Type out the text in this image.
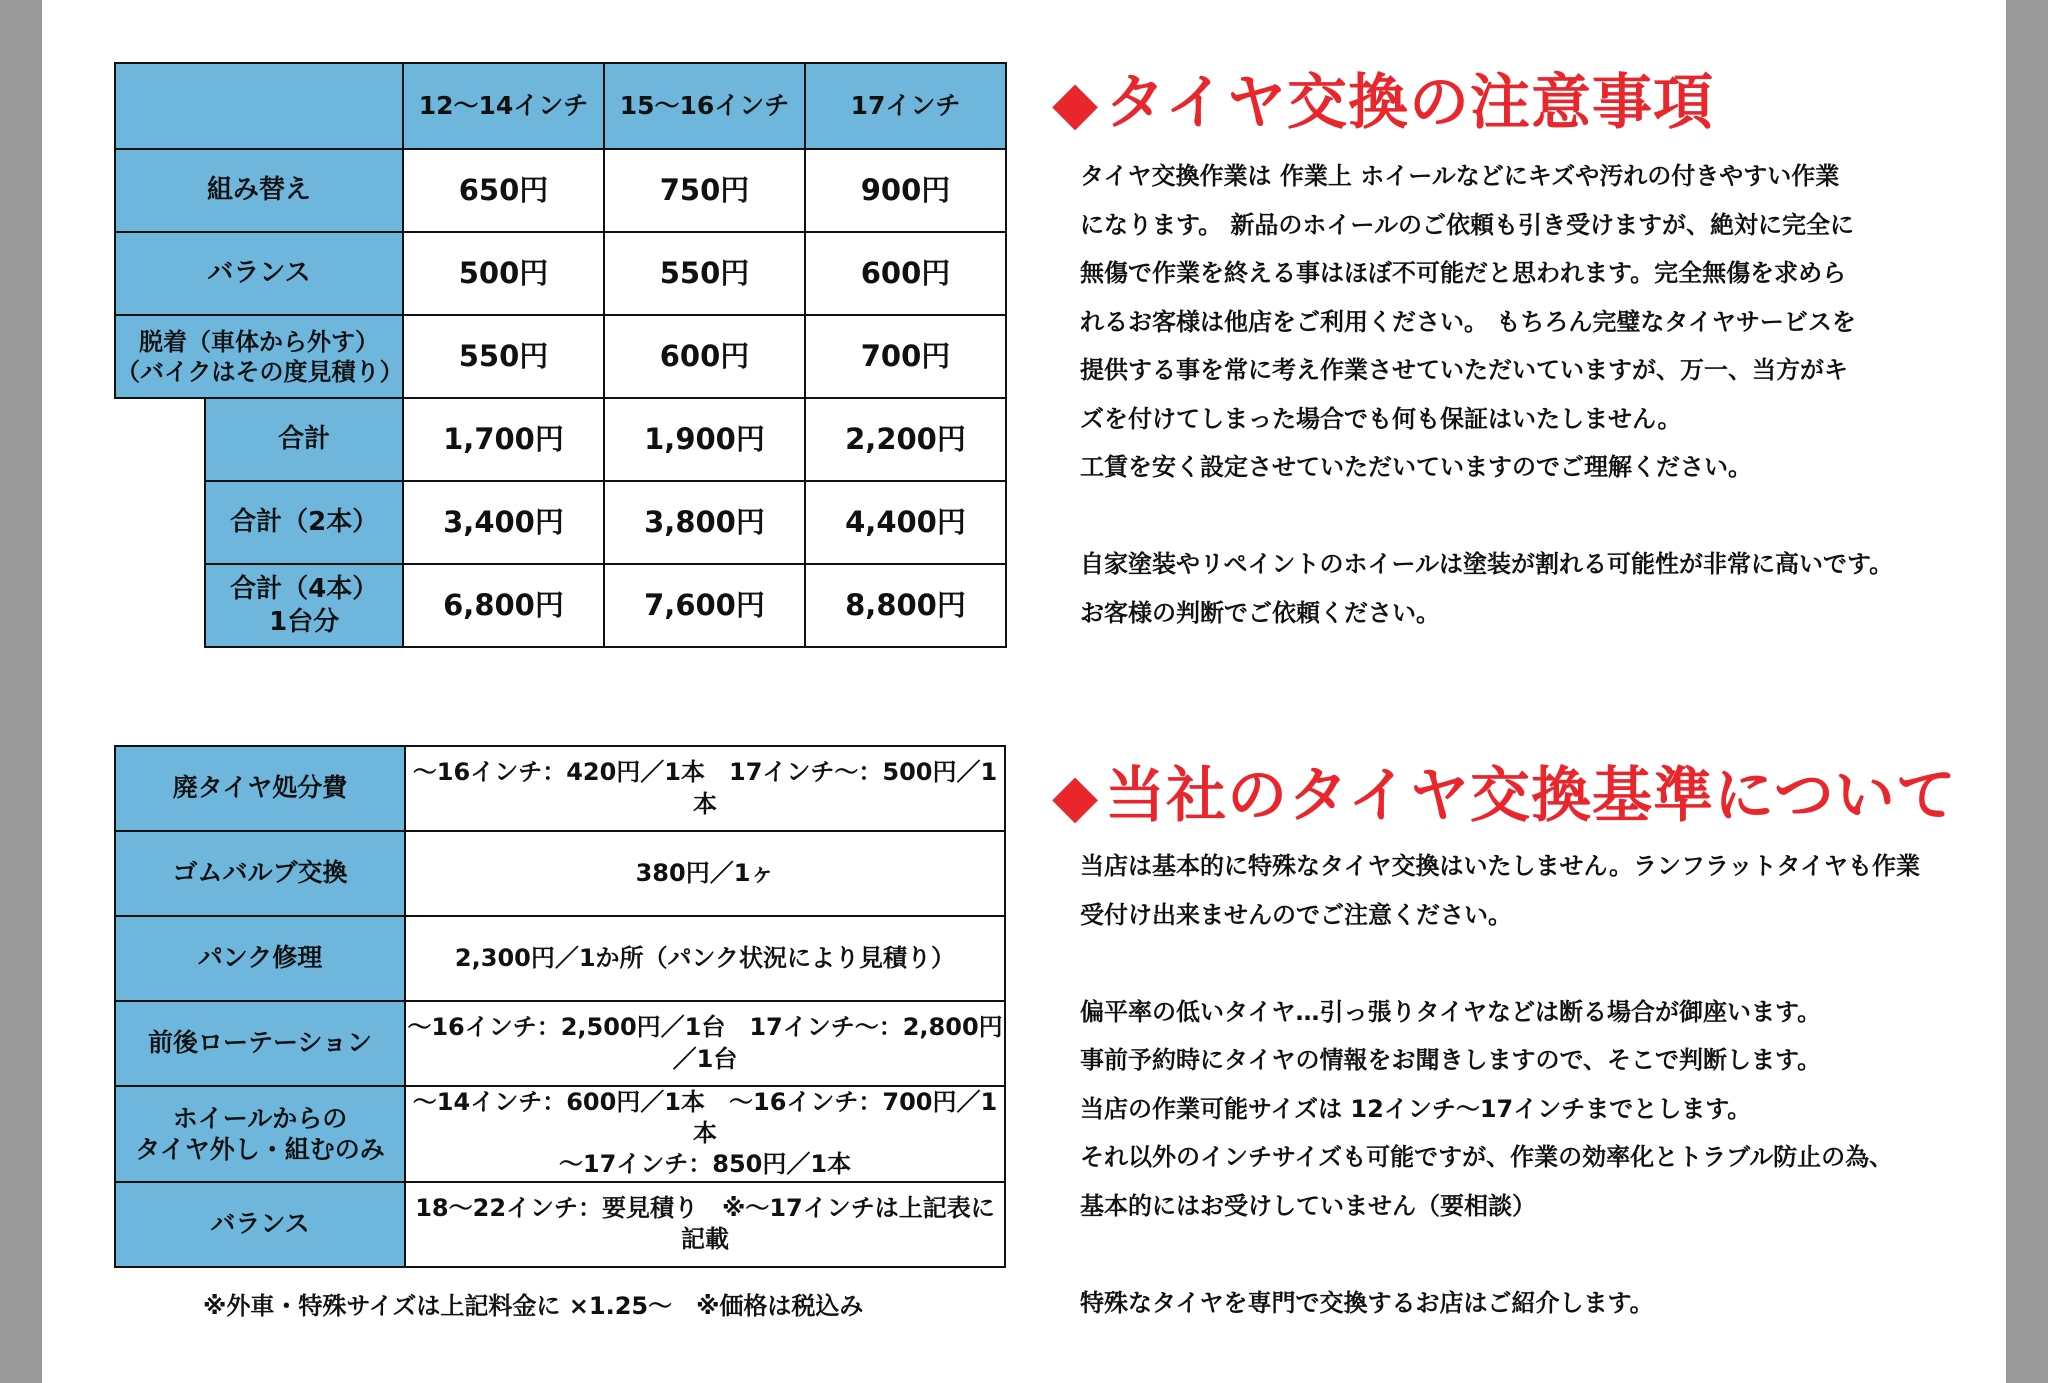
		12～14インチ	15～16インチ	17インチ
組み替え		650円	750円	900円
バランス		500円	550円	600円
脱着（車体から外す）
（バイクはその度見積り）		550円	600円	700円
	合計	1,700円	1,900円	2,200円
	合計（2本）	3,400円	3,800円	4,400円
	合計（4本）
1台分	6,800円	7,600円	8,800円
廃タイヤ処分費	～16インチ：420円／1本　17インチ～：500円／1本
ゴムバルブ交換	380円／1ヶ
パンク修理	2,300円／1か所（パンク状況により見積り）
前後ローテーション	～16インチ：2,500円／1台　17インチ～：2,800円／1台
ホイールからの
タイヤ外し・組むのみ	～14インチ：600円／1本　～16インチ：700円／1本
～17インチ：850円／1本
バランス	18～22インチ：要見積り　※～17インチは上記表に記載
※外車・特殊サイズは上記料金に ×1.25～　※価格は税込み
◆ タイヤ交換の注意事項
タイヤ交換作業は 作業上 ホイールなどにキズや汚れの付きやすい作業
になります。 新品のホイールのご依頼も引き受けますが、絶対に完全に
無傷で作業を終える事はほぼ不可能だと思われます。完全無傷を求めら
れるお客様は他店をご利用ください。 もちろん完璧なタイヤサービスを
提供する事を常に考え作業させていただいていますが、万一、当方がキ
ズを付けてしまった場合でも何も保証はいたしません。
工賃を安く設定させていただいていますのでご理解ください。

自家塗装やリペイントのホイールは塗装が割れる可能性が非常に高いです。
お客様の判断でご依頼ください。
◆ 当社のタイヤ交換基準について
当店は基本的に特殊なタイヤ交換はいたしません。ランフラットタイヤも作業
受付け出来ませんのでご注意ください。

偏平率の低いタイヤ…引っ張りタイヤなどは断る場合が御座います。
事前予約時にタイヤの情報をお聞きしますので、そこで判断します。
当店の作業可能サイズは 12インチ～17インチまでとします。
それ以外のインチサイズも可能ですが、作業の効率化とトラブル防止の為、
基本的にはお受けしていません（要相談）

特殊なタイヤを専門で交換するお店はご紹介します。
